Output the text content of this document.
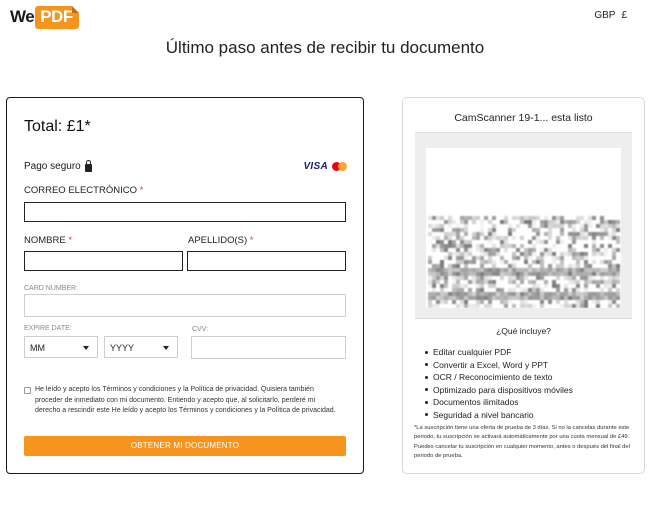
We PDF	GBP £
Último paso antes de recibir tu documento
Total: £1*
Pago seguro	VISA
CORREO ELECTRÓNICO *
NOMBRE *	APELLIDO(S) *
CARD NUMBER:
EXPIRE DATE:
MM	YYYY
CVV:
He leído y acepto los Términos y condiciones y la Política de privacidad. Quisiera también proceder de inmediato con mi documento. Entiendo y acepto que, al solicitarlo, perderé mi derecho a rescindir este He leído y acepto los Términos y condiciones y la Política de privacidad.
OBTENER MI DOCUMENTO
CamScanner 19-1... esta listo
¿Qué incluye?
Editar cualquier PDF
Convertir a Excel, Word y PPT
OCR / Reconocimiento de texto
Optimizado para dispositivos móviles
Documentos ilimitados
Seguridad a nivel bancario
*La suscripción tiene una oferta de prueba de 3 días. Si no la cancelas durante este periodo, tu suscripción se activará automáticamente por una cuota mensual de £49. Puedes cancelar tu suscripción en cualquier momento, antes o después del final del periodo de prueba.
